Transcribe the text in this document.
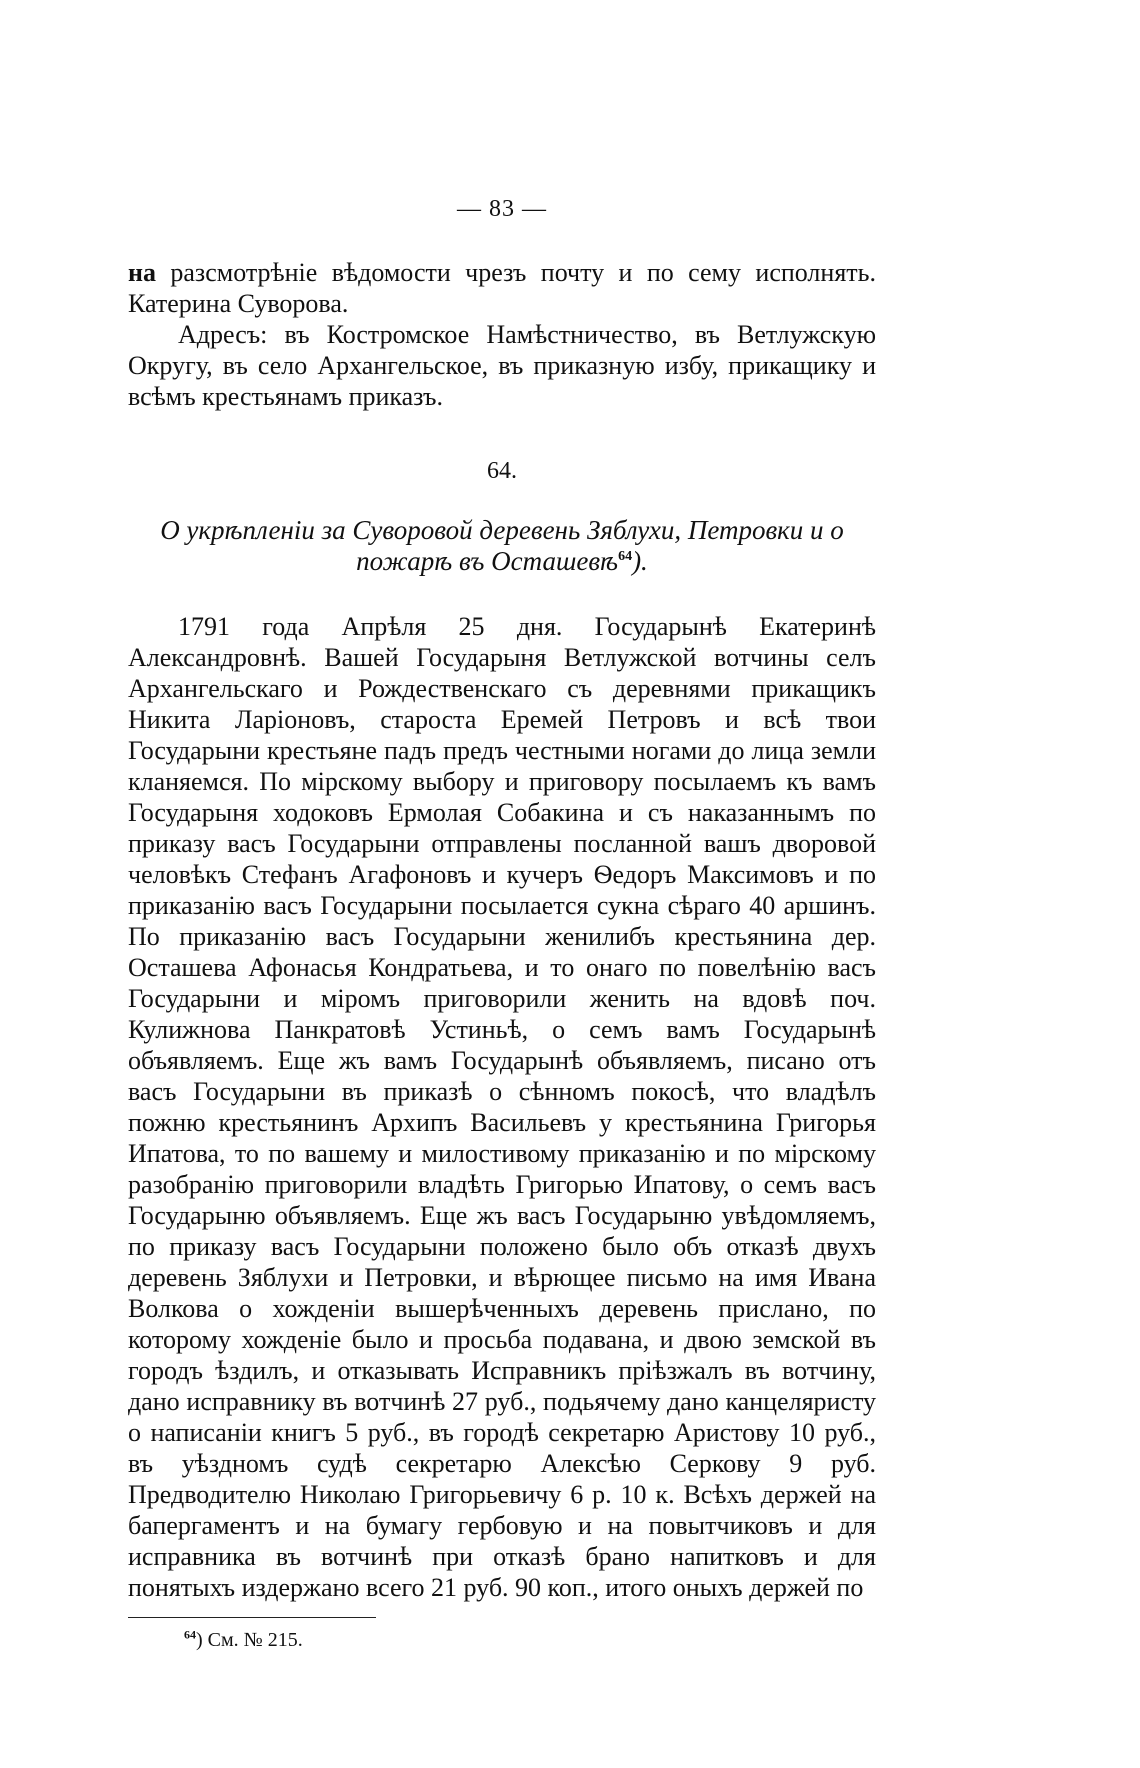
— 83 —

на разсмотрѣніе вѣдомости чрезъ почту и по сему исполнять. Катерина Суворова.

Адресъ: въ Костромское Намѣстничество, въ Ветлужскую Округу, въ село Архангельское, въ приказную избу, прикащику и всѣмъ крестьянамъ приказъ.

64.
О укрѣпленіи за Суворовой деревень Зяблухи, Петровки и о
пожарѣ въ Осташевѣ$^{64}$).

1791 года Апрѣля 25 дня. Государынѣ Екатеринѣ Александровнѣ. Вашей Государыня Ветлужской вотчины селъ Архангельскаго и Рождественскаго съ деревнями прикащикъ Никита Ларіоновъ, староста Еремей Петровъ и всѣ твои Государыни крестьяне падъ предъ честными ногами до лица земли кланяемся. По мірскому выбору и приговору посылаемъ къ вамъ Государыня ходоковъ Ермолая Собакина и съ наказаннымъ по приказу васъ Государыни отправлены посланной вашъ дворовой человѣкъ Стефанъ Агафоновъ и кучеръ Ѳедоръ Максимовъ и по приказанію васъ Государыни посылается сукна сѣраго 40 аршинъ. По приказанію васъ Государыни женилибъ крестьянина дер. Осташева Афонасья Кондратьева, и то онаго по повелѣнію васъ Государыни и міромъ приговорили женить на вдовѣ поч. Кулижнова Панкратовѣ Устиньѣ, о семъ вамъ Государынѣ объявляемъ. Еще жъ вамъ Государынѣ объявляемъ, писано отъ васъ Государыни въ приказѣ о сѣнномъ покосѣ, что владѣлъ пожню крестьянинъ Архипъ Васильевъ у крестьянина Григорья Ипатова, то по вашему и милостивому приказанію и по мірскому разобранію приговорили владѣть Григорью Ипатову, о семъ васъ Государыню объявляемъ. Еще жъ васъ Государыню увѣдомляемъ, по приказу васъ Государыни положено было объ отказѣ двухъ деревень Зяблухи и Петровки, и вѣрющее письмо на имя Ивана Волкова о хожденіи вышерѣченныхъ деревень прислано, по которому хожденіе было и просьба подавана, и двою земской въ городъ ѣздилъ, и отказывать Исправникъ пріѣзжалъ въ вотчину, дано исправнику въ вотчинѣ 27 руб., подьячему дано канцеляристу о написаніи книгъ 5 руб., въ городѣ секретарю Аристову 10 руб., въ уѣздномъ судѣ секретарю Алексѣю Серкову 9 руб. Предводителю Николаю Григорьевичу 6 р. 10 к. Всѣхъ держей на бапергаментъ и на бумагу гербовую и на повытчиковъ и для исправника въ вотчинѣ при отказѣ брано напитковъ и для понятыхъ издержано всего 21 руб. 90 коп., итого оныхъ держей по

$^{64}$) См. № 215.
